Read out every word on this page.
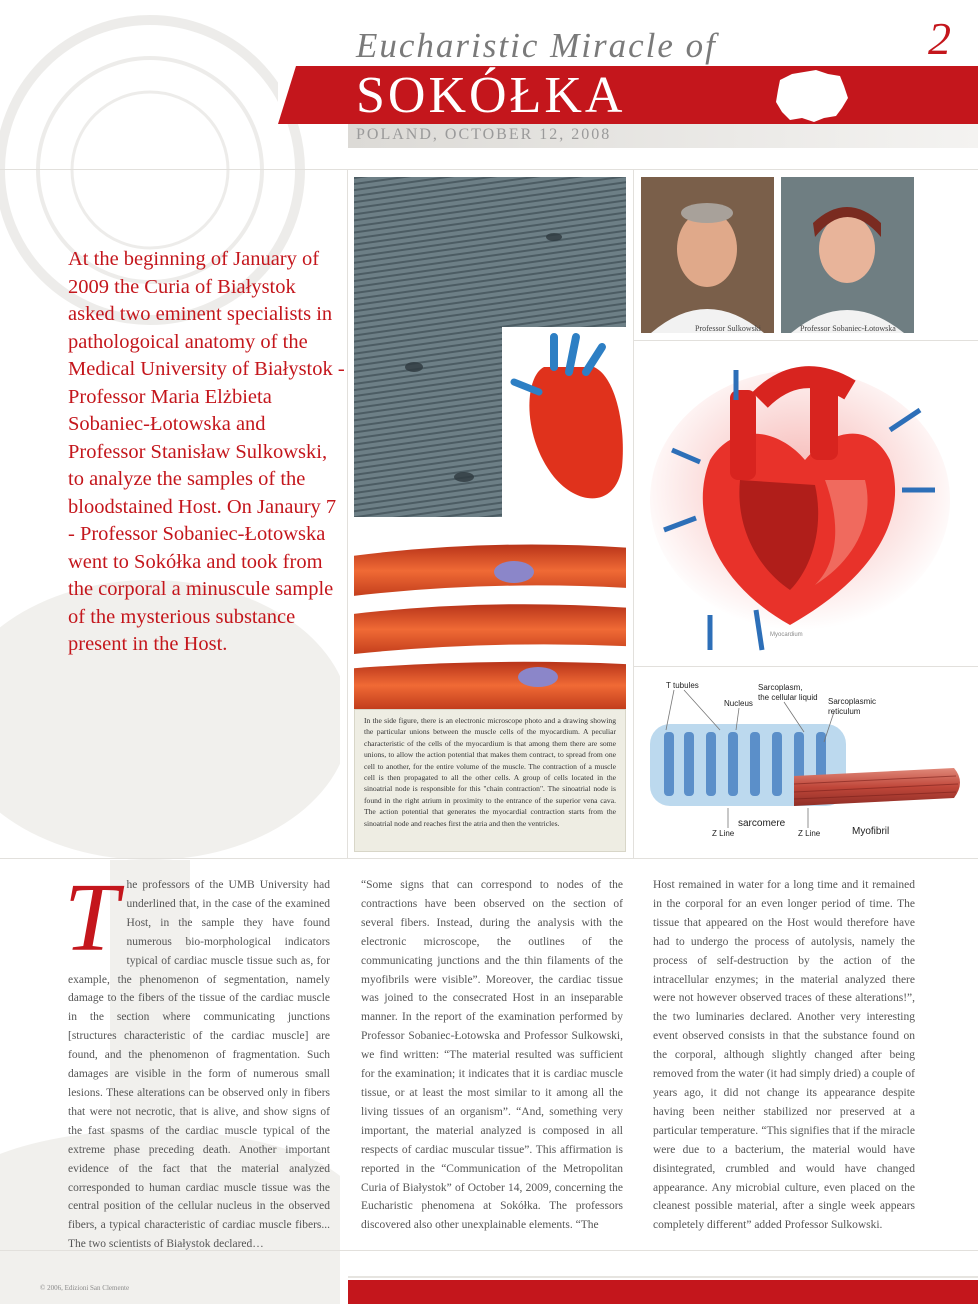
Eucharistic Miracle of
SOKÓŁKA
POLAND, OCTOBER 12, 2008
2
At the beginning of January of 2009 the Curia of Białystok asked two eminent specialists in pathologoical anatomy of the Medical University of Białystok - Professor Maria Elżbieta Sobaniec-Łotowska and Professor Stanisław Sulkowski, to analyze the samples of the bloodstained Host. On Janaury 7 - Professor Sobaniec-Łotowska went to Sokółka and took from the corporal a minuscule sample of the mysterious substance present in the Host.
In the side figure, there is an electronic microscope photo and a drawing showing the particular unions between the muscle cells of the myocardium. A peculiar characteristic of the cells of the myocardium is that among them there are some unions, to allow the action potential that makes them contract, to spread from one cell to another, for the entire volume of the muscle. The contraction of a muscle cell is then propagated to all the other cells. A group of cells located in the sinoatrial node is responsible for this "chain contraction". The sinoatrial node is found in the right atrium in proximity to the entrance of the superior vena cava. The action potential that generates the myocardial contraction starts from the sinoatrial node and reaches first the atria and then the ventricles.
Professor Sulkowski	Professor Sobaniec-Łotowska
Myocardium
T tubules
Nucleus
Sarcoplasm,
the cellular liquid Sarcoplasmic
reticulum
sarcomere
Z Line	Z Line	Myofibril
The professors of the UMB University had underlined that, in the case of the examined Host, in the sample they have found numerous bio-morphological indicators typical of cardiac muscle tissue such as, for example, the phenomenon of segmentation, namely damage to the fibers of the tissue of the cardiac muscle in the section where communicating junctions [structures characteristic of the cardiac muscle] are found, and the phenomenon of fragmentation. Such damages are visible in the form of numerous small lesions. These alterations can be observed only in fibers that were not necrotic, that is alive, and show signs of the fast spasms of the cardiac muscle typical of the extreme phase preceding death. Another important evidence of the fact that the material analyzed corresponded to human cardiac muscle tissue was the central position of the cellular nucleus in the observed fibers, a typical characteristic of cardiac muscle fibers... The two scientists of Białystok declared…
“Some signs that can correspond to nodes of the contractions have been observed on the section of several fibers. Instead, during the analysis with the electronic microscope, the outlines of the communicating junctions and the thin filaments of the myofibrils were visible”. Moreover, the cardiac tissue was joined to the consecrated Host in an inseparable manner. In the report of the examination performed by Professor Sobaniec-Łotowska and Professor Sulkowski, we find written: “The material resulted was sufficient for the examination; it indicates that it is cardiac muscle tissue, or at least the most similar to it among all the living tissues of an organism”. “And, something very important, the material analyzed is composed in all respects of cardiac muscular tissue”. This affirmation is reported in the “Communication of the Metropolitan Curia of Białystok” of October 14, 2009, concerning the Eucharistic phenomena at Sokółka. The professors discovered also other unexplainable elements. “The
Host remained in water for a long time and it remained in the corporal for an even longer period of time. The tissue that appeared on the Host would therefore have had to undergo the process of autolysis, namely the process of self-destruction by the action of the intracellular enzymes; in the material analyzed there were not however observed traces of these alterations!”, the two luminaries declared. Another very interesting event observed consists in that the substance found on the corporal, although slightly changed after being removed from the water (it had simply dried) a couple of years ago, it did not change its appearance despite having been neither stabilized nor preserved at a particular temperature. “This signifies that if the miracle were due to a bacterium, the material would have disintegrated, crumbled and would have changed appearance. Any microbial culture, even placed on the cleanest possible material, after a single week appears completely different” added Professor Sulkowski.
© 2006, Edizioni San Clemente
